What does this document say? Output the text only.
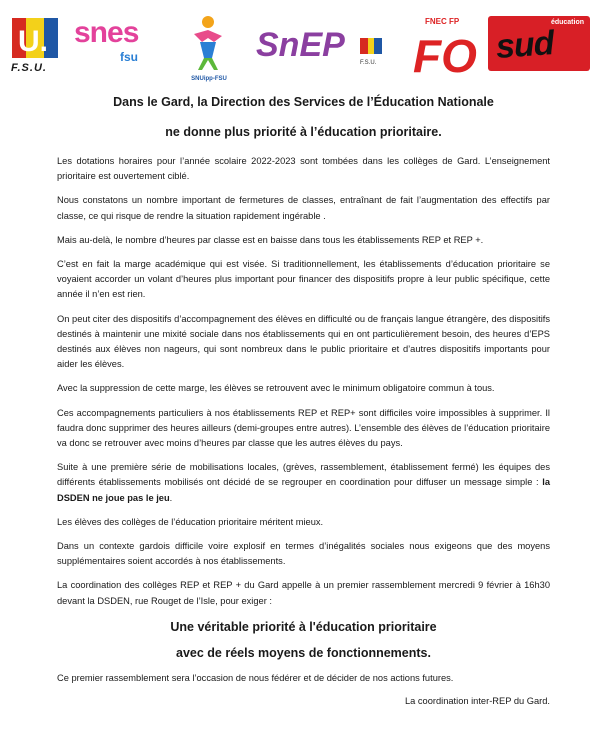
U.
F.S.U.
snes
fsu
SNUipp-FSU
SnEP	F.S.U.
FNEC FP
FO
éducation
sud
Dans le Gard, la Direction des Services de l’Éducation Nationale
ne donne plus priorité à l’éducation prioritaire.

Les dotations horaires pour l’année scolaire 2022-2023 sont tombées dans les collèges de Gard. L’enseignement prioritaire est ouvertement ciblé.

Nous constatons un nombre important de fermetures de classes, entraînant de fait l’augmentation des effectifs par classe, ce qui risque de rendre la situation rapidement ingérable .

Mais au-delà, le nombre d’heures par classe est en baisse dans tous les établissements REP et REP +.

C’est en fait la marge académique qui est visée. Si traditionnellement, les établissements d’éducation prioritaire se voyaient accorder un volant d’heures plus important pour financer des dispositifs propre à leur public spécifique, cette année il n’en est rien.

On peut citer des dispositifs d’accompagnement des élèves en difficulté ou de français langue étrangère, des dispositifs destinés à maintenir une mixité sociale dans nos établissements qui en ont particulièrement besoin, des heures d’EPS destinés aux élèves non nageurs, qui sont nombreux dans le public prioritaire et d’autres dispositifs importants pour aider les élèves.

Avec la suppression de cette marge, les élèves se retrouvent avec le minimum obligatoire commun à tous.

Ces accompagnements particuliers à nos établissements REP et REP+ sont difficiles voire impossibles à supprimer. Il faudra donc supprimer des heures ailleurs (demi-groupes entre autres). L’ensemble des élèves de l’éducation prioritaire va donc se retrouver avec moins d’heures par classe que les autres élèves du pays.

Suite à une première série de mobilisations locales, (grèves, rassemblement, établissement fermé) les équipes des différents établissements mobilisés ont décidé de se regrouper en coordination pour diffuser un message simple : la DSDEN ne joue pas le jeu.

Les élèves des collèges de l’éducation prioritaire méritent mieux.

Dans un contexte gardois difficile voire explosif en termes d’inégalités sociales nous exigeons que des moyens supplémentaires soient accordés à nos établissements.

La coordination des collèges REP et REP + du Gard appelle à un premier rassemblement mercredi 9 février à 16h30 devant la DSDEN, rue Rouget de l’Isle, pour exiger :

Une véritable priorité à l'éducation prioritaire

avec de réels moyens de fonctionnements.

Ce premier rassemblement sera l’occasion de nous fédérer et de décider de nos actions futures.

La coordination inter-REP du Gard.
